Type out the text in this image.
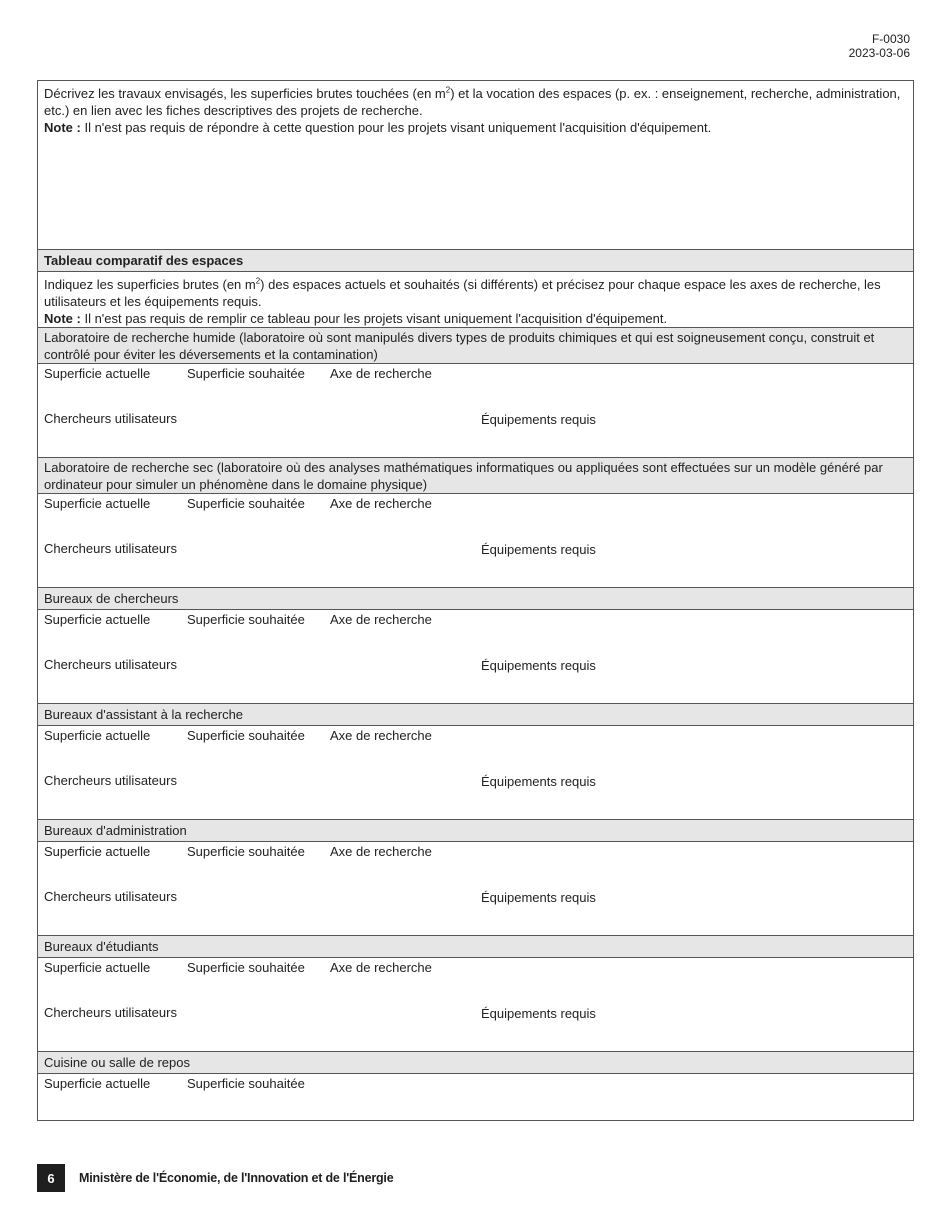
F-0030
2023-03-06

Décrivez les travaux envisagés, les superficies brutes touchées (en $m^2$) et la vocation des espaces (p. ex. : enseignement, recherche, administration, etc.) en lien avec les fiches descriptives des projets de recherche.

Note : Il n'est pas requis de répondre à cette question pour les projets visant uniquement l'acquisition d'équipement.

Tableau comparatif des espaces

Indiquez les superficies brutes (en $m^2$) des espaces actuels et souhaités (si différents) et précisez pour chaque espace les axes de recherche, les utilisateurs et les équipements requis.

Note : Il n'est pas requis de remplir ce tableau pour les projets visant uniquement l'acquisition d'équipement.

Laboratoire de recherche humide (laboratoire où sont manipulés divers types de produits chimiques et qui est soigneusement conçu, construit et contrôlé pour éviter les déversements et la contamination)
Superficie actuelle	Superficie souhaitée Axe de recherche
Chercheurs utilisateurs	Équipements requis
Laboratoire de recherche sec (laboratoire où des analyses mathématiques informatiques ou appliquées sont effectuées sur un modèle généré par ordinateur pour simuler un phénomène dans le domaine physique)
Superficie actuelle	Superficie souhaitée Axe de recherche
Chercheurs utilisateurs	Équipements requis
Bureaux de chercheurs
Superficie actuelle	Superficie souhaitée Axe de recherche
Chercheurs utilisateurs	Équipements requis
Bureaux d'assistant à la recherche
Superficie actuelle	Superficie souhaitée Axe de recherche
Chercheurs utilisateurs	Équipements requis
Bureaux d'administration
Superficie actuelle	Superficie souhaitée Axe de recherche
Chercheurs utilisateurs	Équipements requis
Bureaux d'étudiants
Superficie actuelle	Superficie souhaitée Axe de recherche
Chercheurs utilisateurs	Équipements requis
Cuisine ou salle de repos
Superficie actuelle	Superficie souhaitée
6	Ministère de l'Économie, de l'Innovation et de l'Énergie
